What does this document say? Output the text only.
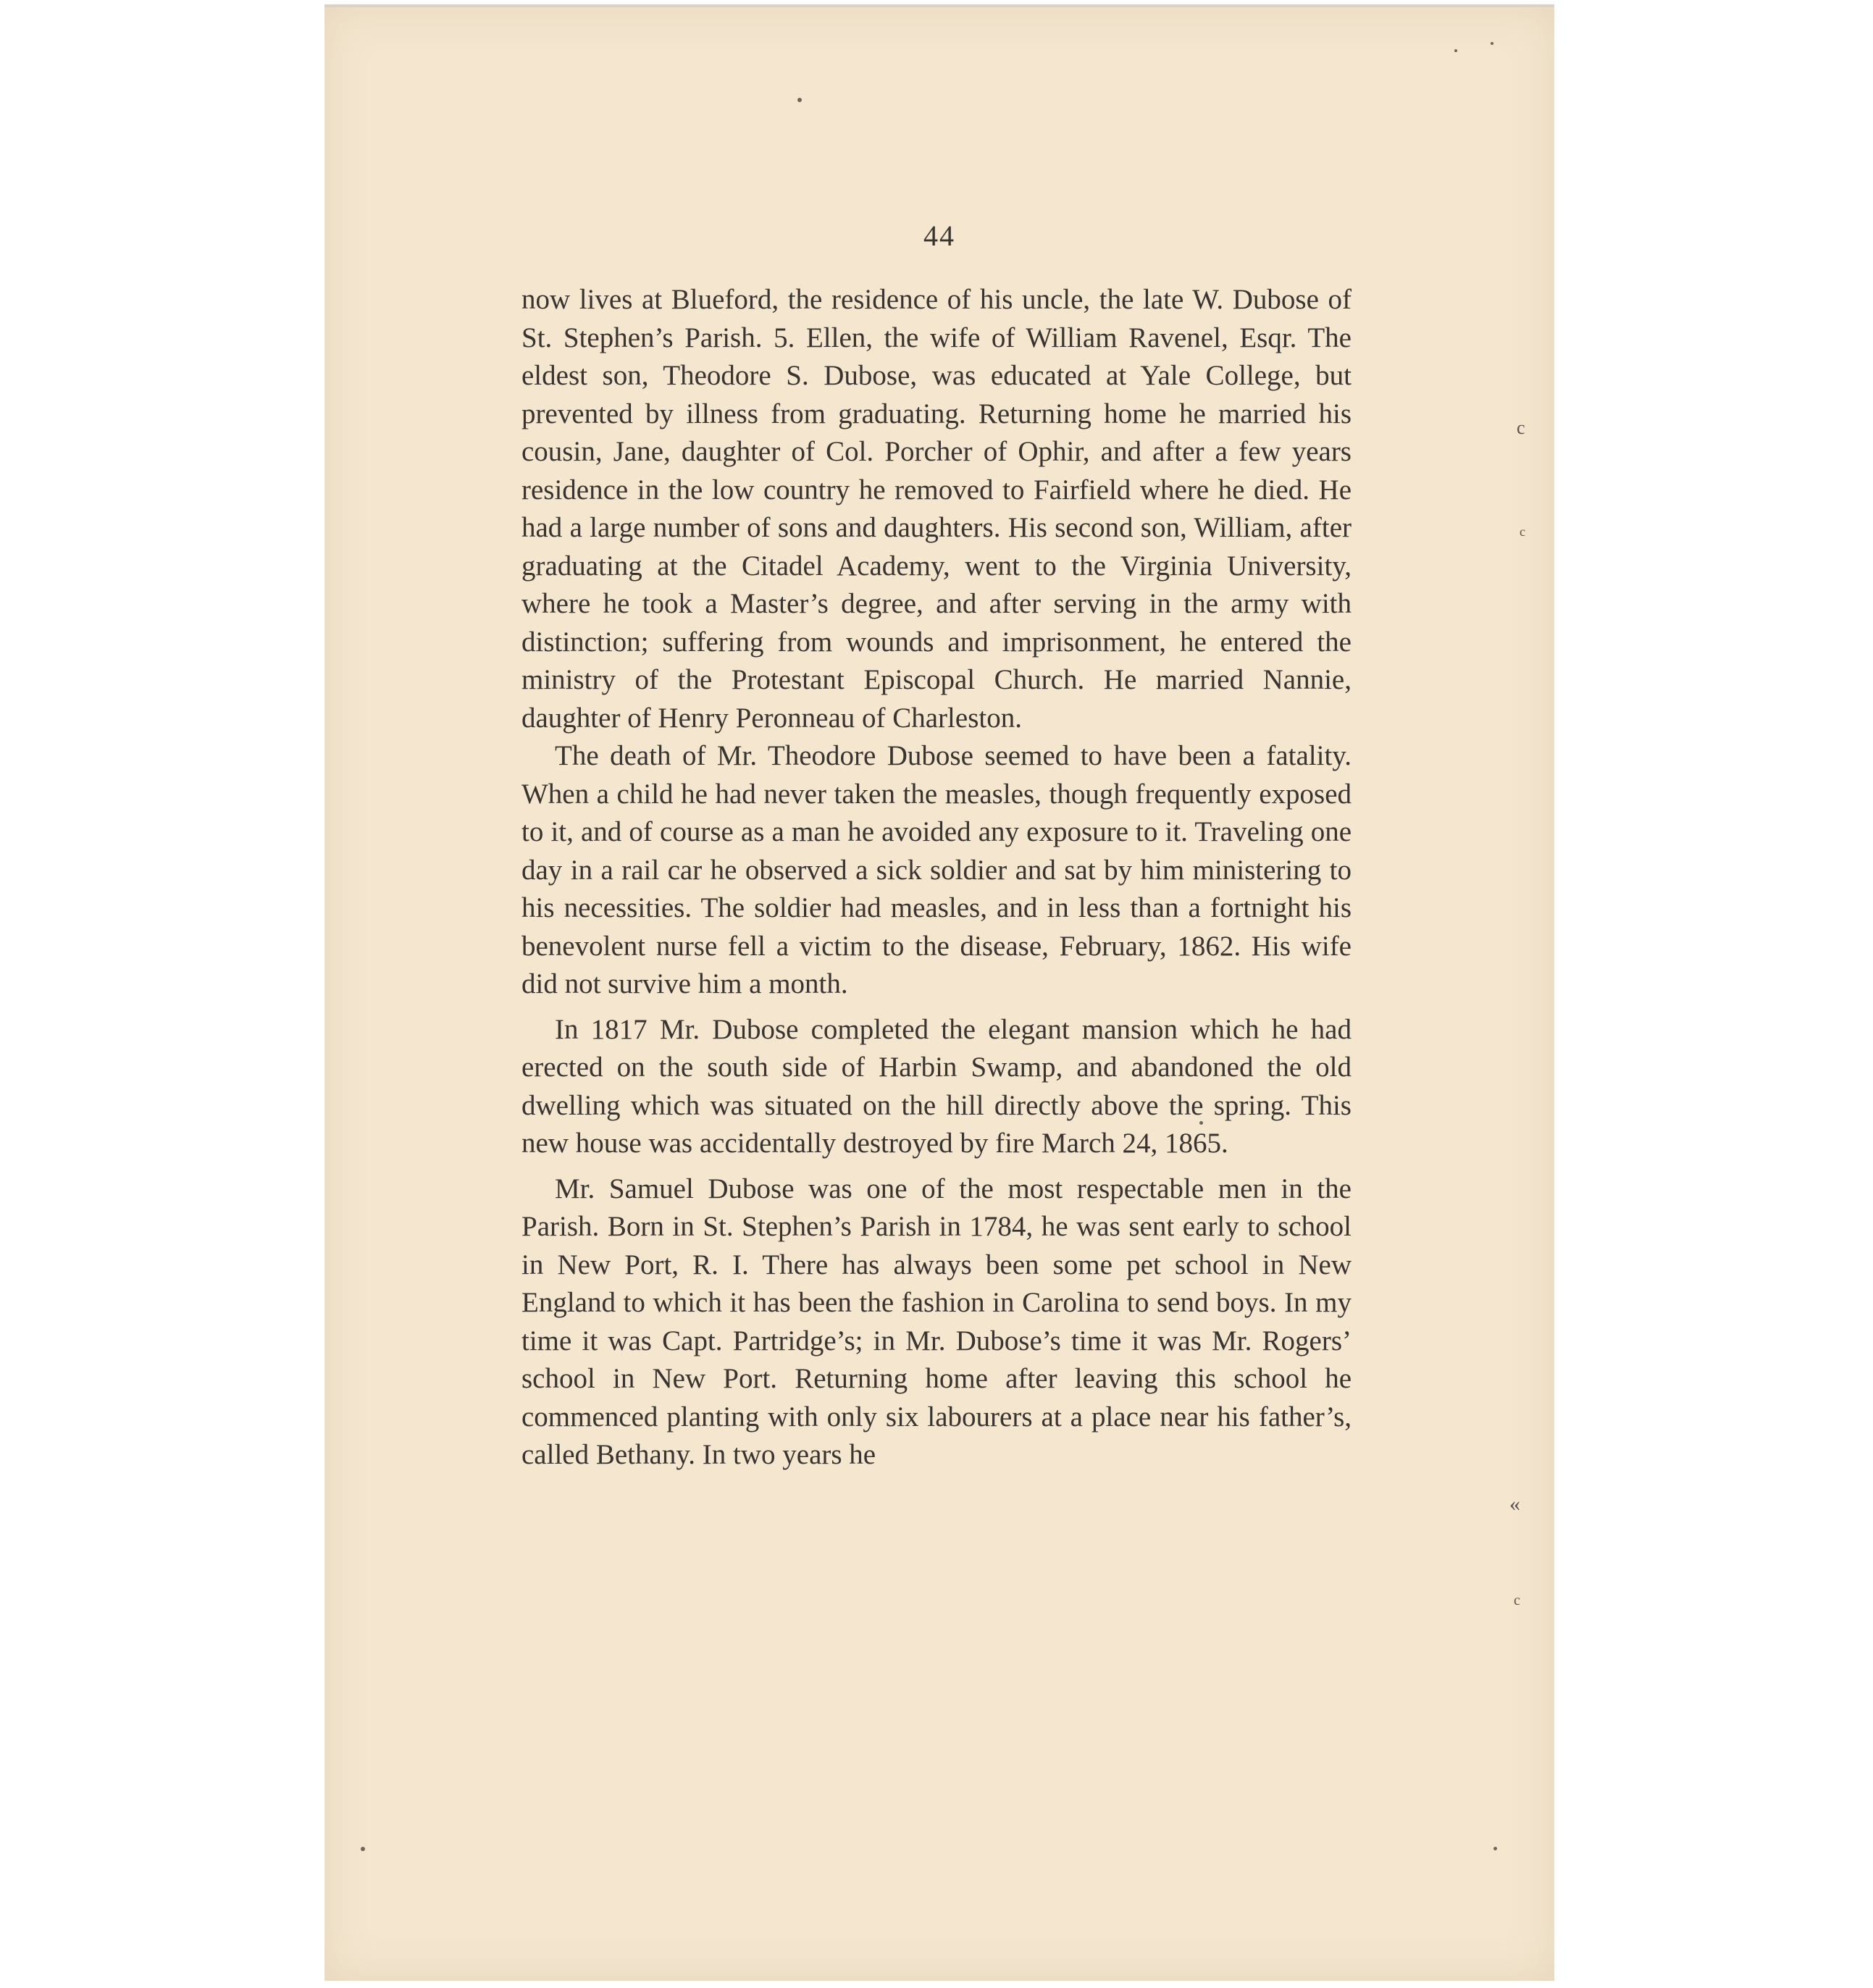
44

now lives at Blueford, the residence of his uncle, the late W. Dubose of St. Stephen’s Parish. 5. Ellen, the wife of William Ravenel, Esqr. The eldest son, Theodore S. Dubose, was educated at Yale College, but prevented by illness from graduating. Returning home he married his cousin, Jane, daughter of Col. Porcher of Ophir, and after a few years residence in the low country he removed to Fairfield where he died. He had a large number of sons and daughters. His second son, William, after graduating at the Citadel Academy, went to the Virginia University, where he took a Master’s degree, and after serving in the army with distinction; suffering from wounds and imprisonment, he entered the ministry of the Protestant Episcopal Church. He married Nannie, daughter of Henry Peronneau of Charleston.

The death of Mr. Theodore Dubose seemed to have been a fatality. When a child he had never taken the measles, though frequently exposed to it, and of course as a man he avoided any exposure to it. Traveling one day in a rail car he observed a sick soldier and sat by him ministering to his necessities. The soldier had measles, and in less than a fortnight his benevolent nurse fell a victim to the disease, February, 1862. His wife did not survive him a month.

In 1817 Mr. Dubose completed the elegant mansion which he had erected on the south side of Harbin Swamp, and abandoned the old dwelling which was situated on the hill directly above the spring. This new house was accidentally destroyed by fire March 24, 1865.

Mr. Samuel Dubose was one of the most respectable men in the Parish. Born in St. Stephen’s Parish in 1784, he was sent early to school in New Port, R. I. There has always been some pet school in New England to which it has been the fashion in Carolina to send boys. In my time it was Capt. Partridge’s; in Mr. Dubose’s time it was Mr. Rogers’ school in New Port. Returning home after leaving this school he commenced planting with only six labourers at a place near his father’s, called Bethany. In two years he

c
c
«
c
